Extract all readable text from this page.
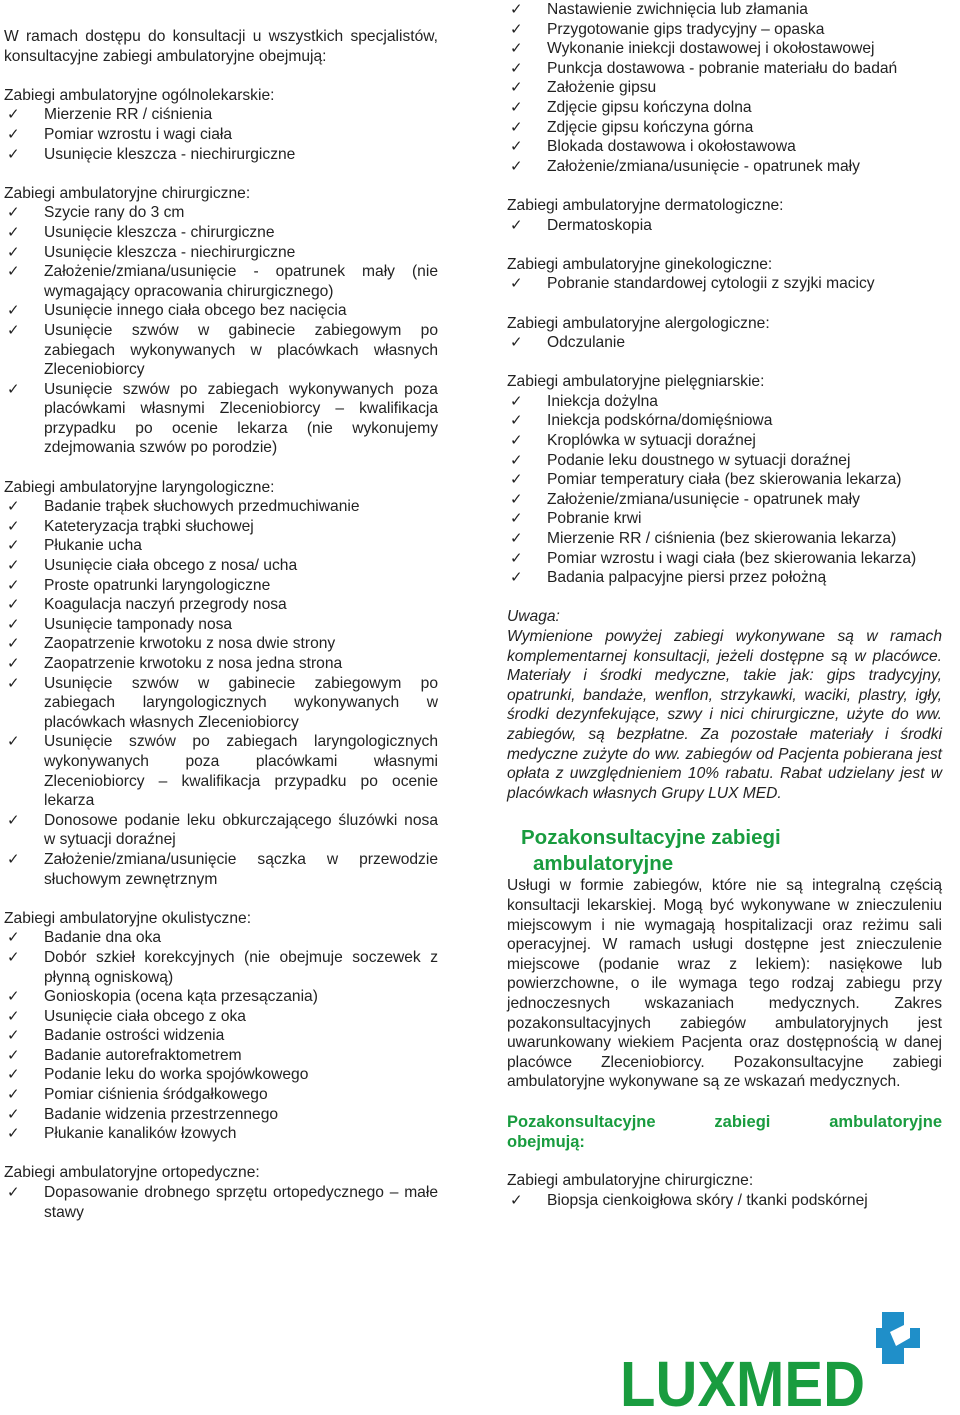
W ramach dostępu do konsultacji u wszystkich specjalistów, konsultacyjne zabiegi ambulatoryjne obejmują:

Zabiegi ambulatoryjne ogólnolekarskie:

✓ Mierzenie RR / ciśnienia
✓ Pomiar wzrostu i wagi ciała
✓ Usunięcie kleszcza - niechirurgiczne

Zabiegi ambulatoryjne chirurgiczne:

✓ Szycie rany do 3 cm
✓ Usunięcie kleszcza - chirurgiczne
✓ Usunięcie kleszcza - niechirurgiczne
✓ Założenie/zmiana/usunięcie - opatrunek mały (nie wymagający opracowania chirurgicznego)
✓ Usunięcie innego ciała obcego bez nacięcia
✓ Usunięcie szwów w gabinecie zabiegowym po zabiegach wykonywanych w placówkach własnych Zleceniobiorcy
✓ Usunięcie szwów po zabiegach wykonywanych poza placówkami własnymi Zleceniobiorcy – kwalifikacja przypadku po ocenie lekarza (nie wykonujemy zdejmowania szwów po porodzie)

Zabiegi ambulatoryjne laryngologiczne:

✓ Badanie trąbek słuchowych przedmuchiwanie
✓ Kateteryzacja trąbki słuchowej
✓ Płukanie ucha
✓ Usunięcie ciała obcego z nosa/ ucha
✓ Proste opatrunki laryngologiczne
✓ Koagulacja naczyń przegrody nosa
✓ Usunięcie tamponady nosa
✓ Zaopatrzenie krwotoku z nosa dwie strony
✓ Zaopatrzenie krwotoku z nosa jedna strona
✓ Usunięcie szwów w gabinecie zabiegowym po zabiegach laryngologicznych wykonywanych w placówkach własnych Zleceniobiorcy
✓ Usunięcie szwów po zabiegach laryngologicznych wykonywanych poza placówkami własnymi Zleceniobiorcy – kwalifikacja przypadku po ocenie lekarza
✓ Donosowe podanie leku obkurczającego śluzówki nosa w sytuacji doraźnej
✓ Założenie/zmiana/usunięcie sączka w przewodzie słuchowym zewnętrznym

Zabiegi ambulatoryjne okulistyczne:

✓ Badanie dna oka
✓ Dobór szkieł korekcyjnych (nie obejmuje soczewek z płynną ogniskową)
✓ Gonioskopia (ocena kąta przesączania)
✓ Usunięcie ciała obcego z oka
✓ Badanie ostrości widzenia
✓ Badanie autorefraktometrem
✓ Podanie leku do worka spojówkowego
✓ Pomiar ciśnienia śródgałkowego
✓ Badanie widzenia przestrzennego
✓ Płukanie kanalików łzowych

Zabiegi ambulatoryjne ortopedyczne:

✓ Dopasowanie drobnego sprzętu ortopedycznego – małe stawy
✓ Nastawienie zwichnięcia lub złamania
✓ Przygotowanie gips tradycyjny – opaska
✓ Wykonanie iniekcji dostawowej i okołostawowej
✓ Punkcja dostawowa - pobranie materiału do badań
✓ Założenie gipsu
✓ Zdjęcie gipsu kończyna dolna
✓ Zdjęcie gipsu kończyna górna
✓ Blokada dostawowa i okołostawowa
✓ Założenie/zmiana/usunięcie - opatrunek mały

Zabiegi ambulatoryjne dermatologiczne:

✓ Dermatoskopia

Zabiegi ambulatoryjne ginekologiczne:

✓ Pobranie standardowej cytologii z szyjki macicy

Zabiegi ambulatoryjne alergologiczne:

✓ Odczulanie

Zabiegi ambulatoryjne pielęgniarskie:

✓ Iniekcja dożylna
✓ Iniekcja podskórna/domięśniowa
✓ Kroplówka w sytuacji doraźnej
✓ Podanie leku doustnego w sytuacji doraźnej
✓ Pomiar temperatury ciała (bez skierowania lekarza)
✓ Założenie/zmiana/usunięcie - opatrunek mały
✓ Pobranie krwi
✓ Mierzenie RR / ciśnienia (bez skierowania lekarza)
✓ Pomiar wzrostu i wagi ciała (bez skierowania lekarza)
✓ Badania palpacyjne piersi przez położną

Uwaga:

Wymienione powyżej zabiegi wykonywane są w ramach komplementarnej konsultacji, jeżeli dostępne są w placówce. Materiały i środki medyczne, takie jak: gips tradycyjny, opatrunki, bandaże, wenflon, strzykawki, waciki, plastry, igły, środki dezynfekujące, szwy i nici chirurgiczne, użyte do ww. zabiegów, są bezpłatne. Za pozostałe materiały i środki medyczne zużyte do ww. zabiegów od Pacjenta pobierana jest opłata z uwzględnieniem 10% rabatu. Rabat udzielany jest w placówkach własnych Grupy LUX MED.

Pozakonsultacyjne zabiegi
ambulatoryjne

Usługi w formie zabiegów, które nie są integralną częścią konsultacji lekarskiej. Mogą być wykonywane w znieczuleniu miejscowym i nie wymagają hospitalizacji oraz reżimu sali operacyjnej. W ramach usługi dostępne jest znieczulenie miejscowe (podanie wraz z lekiem): nasiękowe lub powierzchowne, o ile wymaga tego rodzaj zabiegu przy jednoczesnych wskazaniach medycznych. Zakres pozakonsultacyjnych zabiegów ambulatoryjnych jest uwarunkowany wiekiem Pacjenta oraz dostępnością w danej placówce Zleceniobiorcy. Pozakonsultacyjne zabiegi ambulatoryjne wykonywane są ze wskazań medycznych.

Pozakonsultacyjne	zabiegi	ambulatoryjne
obejmują:

Zabiegi ambulatoryjne chirurgiczne:

✓ Biopsja cienkoigłowa skóry / tkanki podskórnej
LUXMED
